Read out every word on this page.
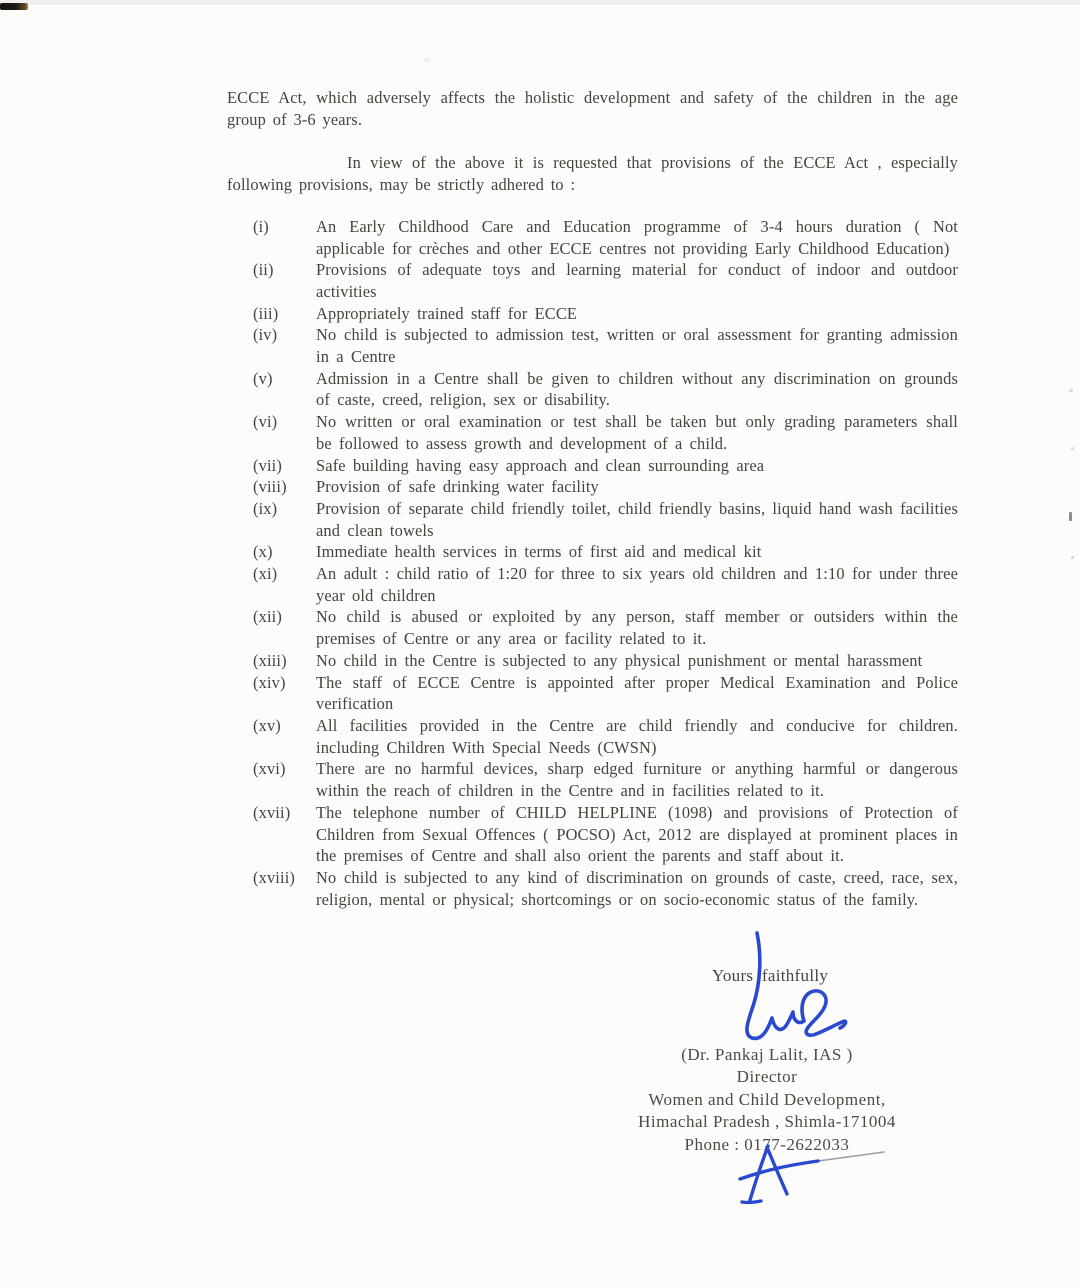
ECCE Act, which adversely affects the holistic development and safety of the children in the age group of 3-6 years.
In view of the above it is requested that provisions of the ECCE Act , especially following provisions, may be strictly adhered to :
(i)	An Early Childhood Care and Education programme of 3-4 hours duration ( Not applicable for crèches and other ECCE centres not providing Early Childhood Education)
(ii)	Provisions of adequate toys and learning material for conduct of indoor and outdoor activities
(iii)	Appropriately trained staff for ECCE
(iv)	No child is subjected to admission test, written or oral assessment for granting admission in a Centre
(v)	Admission in a Centre shall be given to children without any discrimination on grounds of caste, creed, religion, sex or disability.
(vi)	No written or oral examination or test shall be taken but only grading parameters shall be followed to assess growth and development of a child.
(vii)	Safe building having easy approach and clean surrounding area
(viii)	Provision of safe drinking water facility
(ix)	Provision of separate child friendly toilet, child friendly basins, liquid hand wash facilities and clean towels
(x)	Immediate health services in terms of first aid and medical kit
(xi)	An adult : child ratio of 1:20 for three to six years old children and 1:10 for under three year old children
(xii)	No child is abused or exploited by any person, staff member or outsiders within the premises of Centre or any area or facility related to it.
(xiii)	No child in the Centre is subjected to any physical punishment or mental harassment
(xiv)	The staff of ECCE Centre is appointed after proper Medical Examination and Police verification
(xv)	All facilities provided in the Centre are child friendly and conducive for children. including Children With Special Needs (CWSN)
(xvi)	There are no harmful devices, sharp edged furniture or anything harmful or dangerous within the reach of children in the Centre and in facilities related to it.
(xvii)	The telephone number of CHILD HELPLINE (1098) and provisions of Protection of Children from Sexual Offences ( POCSO) Act, 2012 are displayed at prominent places in the premises of Centre and shall also orient the parents and staff about it.
(xviii)	No child is subjected to any kind of discrimination on grounds of caste, creed, race, sex, religion, mental or physical; shortcomings or on socio-economic status of the family.
Yours faithfully
(Dr. Pankaj Lalit, IAS )
Director
Women and Child Development,
Himachal Pradesh , Shimla-171004
Phone : 0177-2622033
